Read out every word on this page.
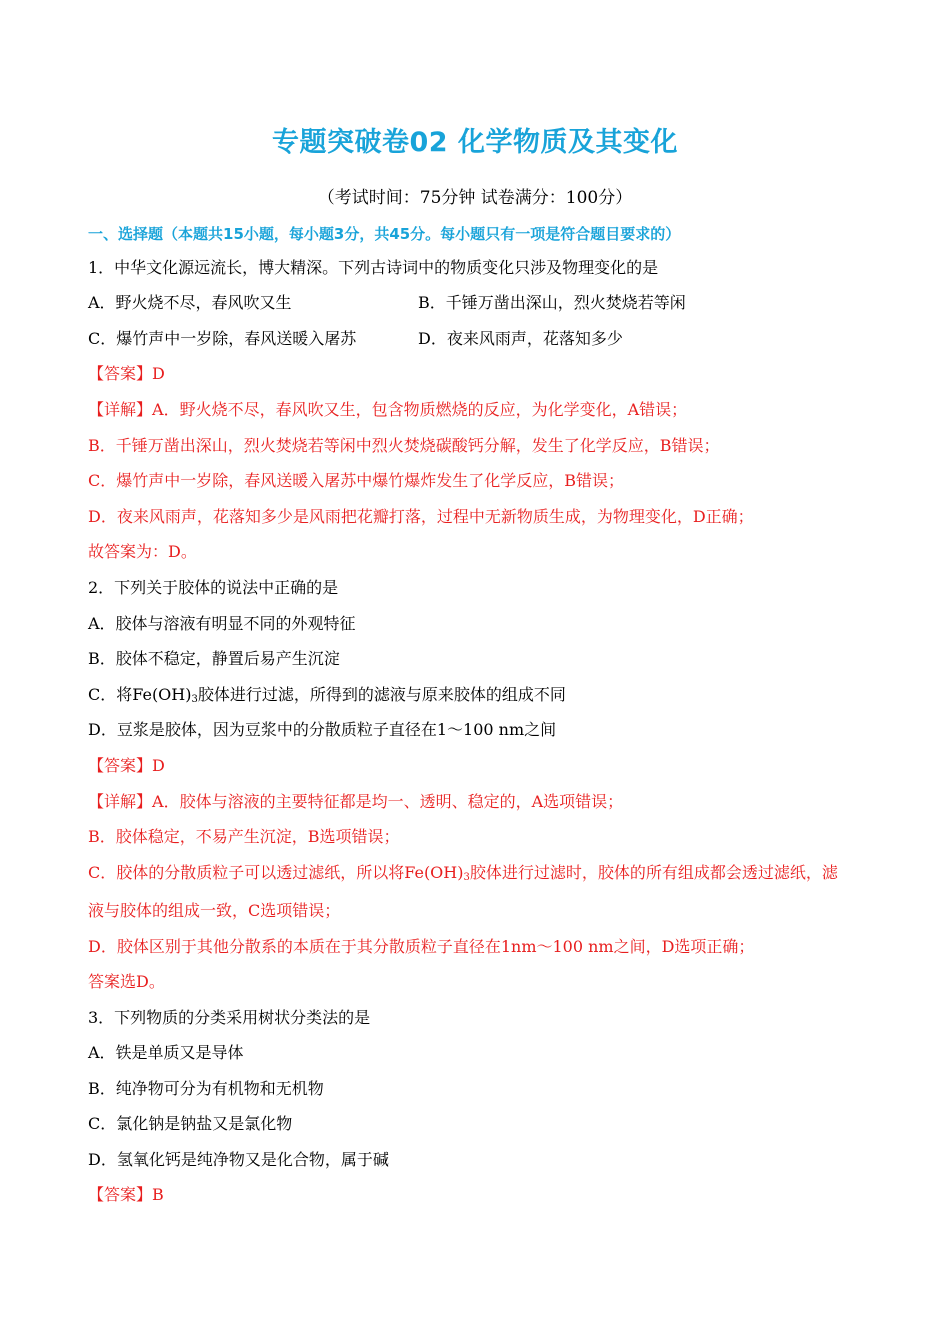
专题突破卷02 化学物质及其变化
（考试时间：75分钟 试卷满分：100分）
一、选择题（本题共15小题，每小题3分，共45分。每小题只有一项是符合题目要求的）
1．中华文化源远流长，博大精深。下列古诗词中的物质变化只涉及物理变化的是
A．野火烧不尽，春风吹又生	B．千锤万凿出深山，烈火焚烧若等闲
C．爆竹声中一岁除，春风送暖入屠苏	D．夜来风雨声，花落知多少
【答案】D
【详解】A．野火烧不尽，春风吹又生，包含物质燃烧的反应，为化学变化，A错误；
B．千锤万凿出深山，烈火焚烧若等闲中烈火焚烧碳酸钙分解，发生了化学反应，B错误；
C．爆竹声中一岁除，春风送暖入屠苏中爆竹爆炸发生了化学反应，B错误；
D．夜来风雨声，花落知多少是风雨把花瓣打落，过程中无新物质生成，为物理变化，D正确；
故答案为：D。
2．下列关于胶体的说法中正确的是
A．胶体与溶液有明显不同的外观特征
B．胶体不稳定，静置后易产生沉淀
C．将$Fe(OH)_3$胶体进行过滤，所得到的滤液与原来胶体的组成不同
D．豆浆是胶体，因为豆浆中的分散质粒子直径在1～100 nm之间
【答案】D
【详解】A．胶体与溶液的主要特征都是均一、透明、稳定的，A选项错误；
B．胶体稳定，不易产生沉淀，B选项错误；
C．胶体的分散质粒子可以透过滤纸，所以将$Fe(OH)_3$胶体进行过滤时，胶体的所有组成都会透过滤纸，滤
液与胶体的组成一致，C选项错误；
D．胶体区别于其他分散系的本质在于其分散质粒子直径在1nm～100 nm之间，D选项正确；
答案选D。
3．下列物质的分类采用树状分类法的是
A．铁是单质又是导体
B．纯净物可分为有机物和无机物
C．氯化钠是钠盐又是氯化物
D．氢氧化钙是纯净物又是化合物，属于碱
【答案】B
